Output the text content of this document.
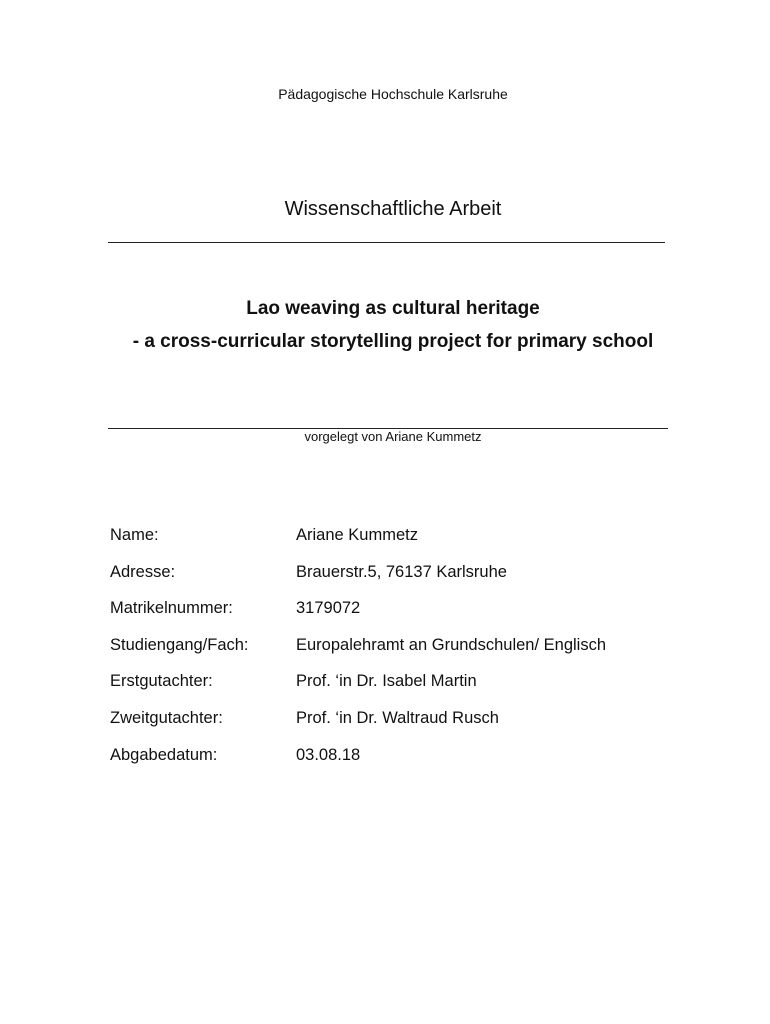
Pädagogische Hochschule Karlsruhe
Wissenschaftliche Arbeit
Lao weaving as cultural heritage
- a cross-curricular storytelling project for primary school
vorgelegt von Ariane Kummetz
Name:	Ariane Kummetz
Adresse:	Brauerstr.5, 76137 Karlsruhe
Matrikelnummer:	3179072
Studiengang/Fach:	Europalehramt an Grundschulen/ Englisch
Erstgutachter:	Prof. ‘in Dr. Isabel Martin
Zweitgutachter:	Prof. ‘in Dr. Waltraud Rusch
Abgabedatum:	03.08.18
